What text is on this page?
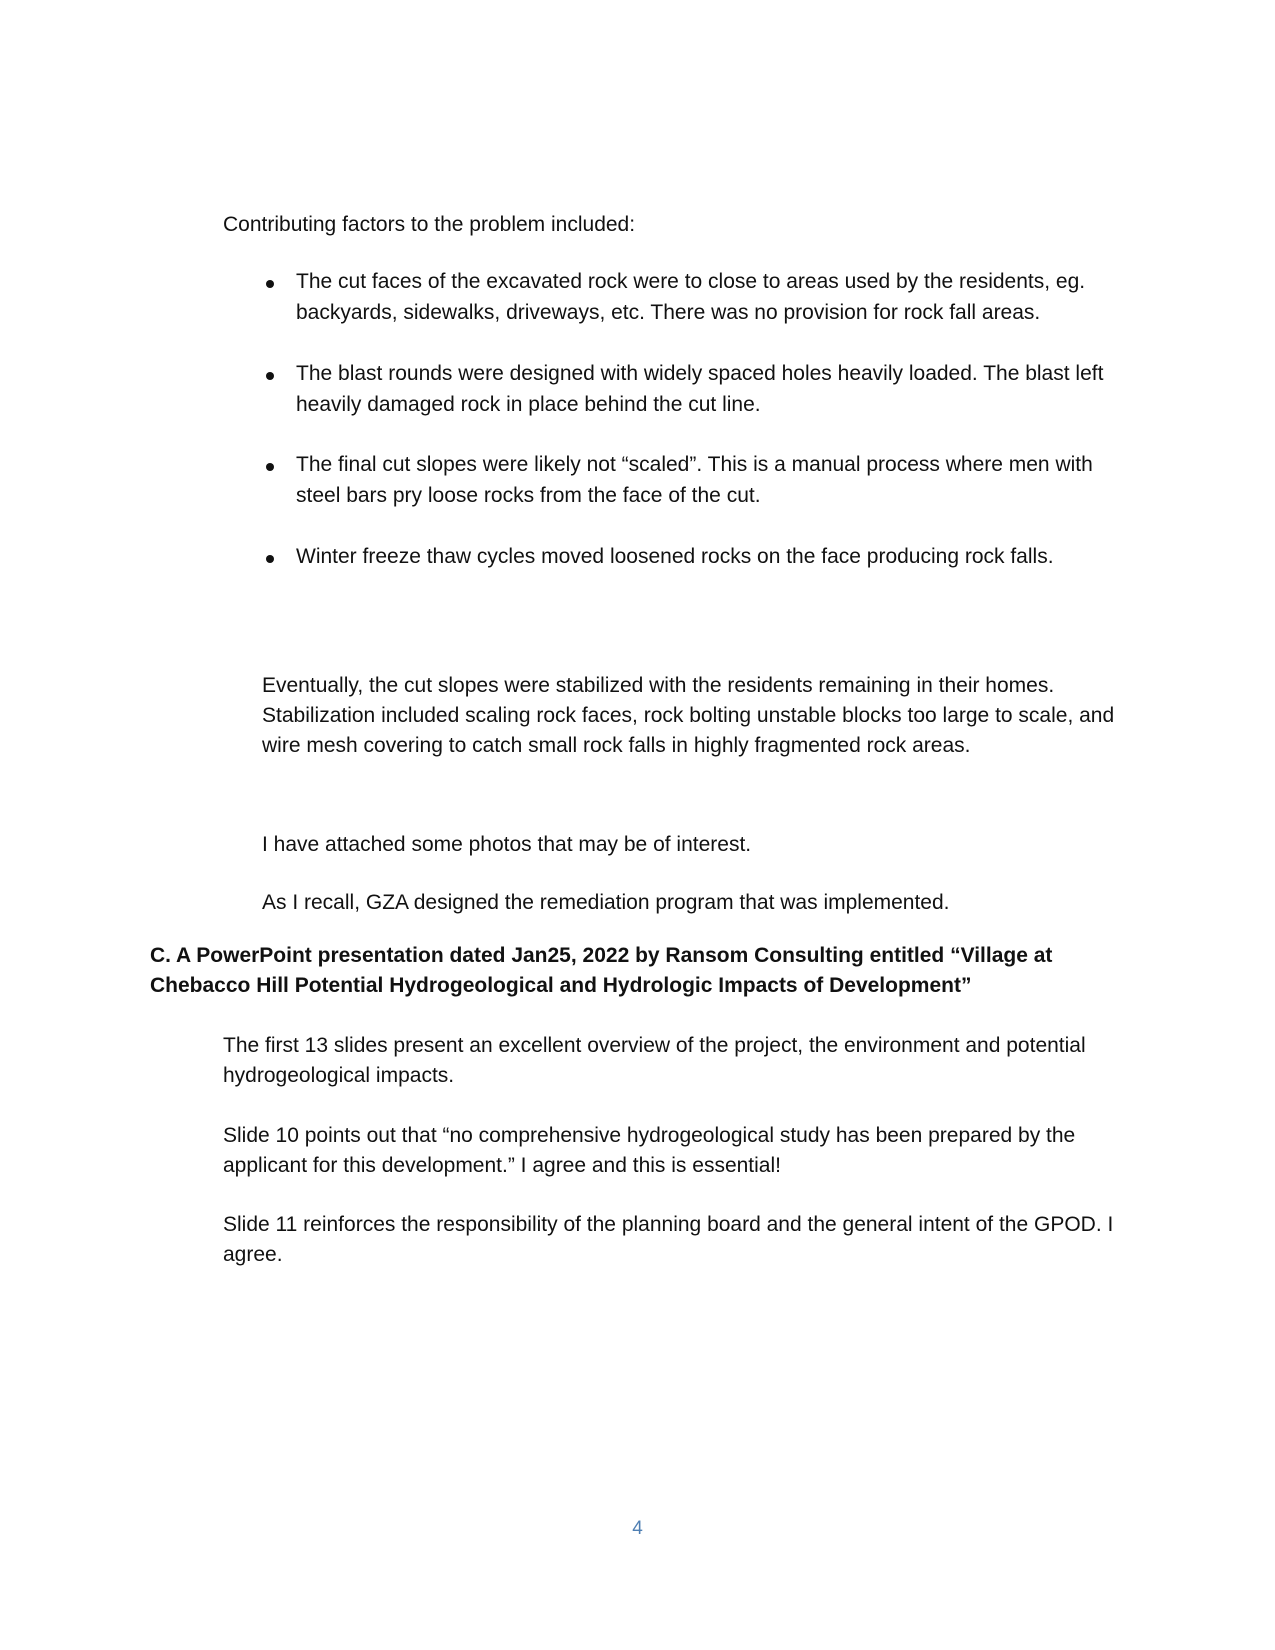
Contributing factors to the problem included:

The cut faces of the excavated rock were to close to areas used by the residents, eg. backyards, sidewalks, driveways, etc. There was no provision for rock fall areas.
The blast rounds were designed with widely spaced holes heavily loaded. The blast left heavily damaged rock in place behind the cut line.
The final cut slopes were likely not “scaled”. This is a manual process where men with steel bars pry loose rocks from the face of the cut.
Winter freeze thaw cycles moved loosened rocks on the face producing rock falls.

Eventually, the cut slopes were stabilized with the residents remaining in their homes. Stabilization included scaling rock faces, rock bolting unstable blocks too large to scale, and wire mesh covering to catch small rock falls in highly fragmented rock areas.

I have attached some photos that may be of interest.

As I recall, GZA designed the remediation program that was implemented.

C. A PowerPoint presentation dated Jan25, 2022 by Ransom Consulting entitled “Village at Chebacco Hill Potential Hydrogeological and Hydrologic Impacts of Development”

The first 13 slides present an excellent overview of the project, the environment and potential hydrogeological impacts.

Slide 10 points out that “no comprehensive hydrogeological study has been prepared by the applicant for this development.” I agree and this is essential!

Slide 11 reinforces the responsibility of the planning board and the general intent of the GPOD. I agree.

4
